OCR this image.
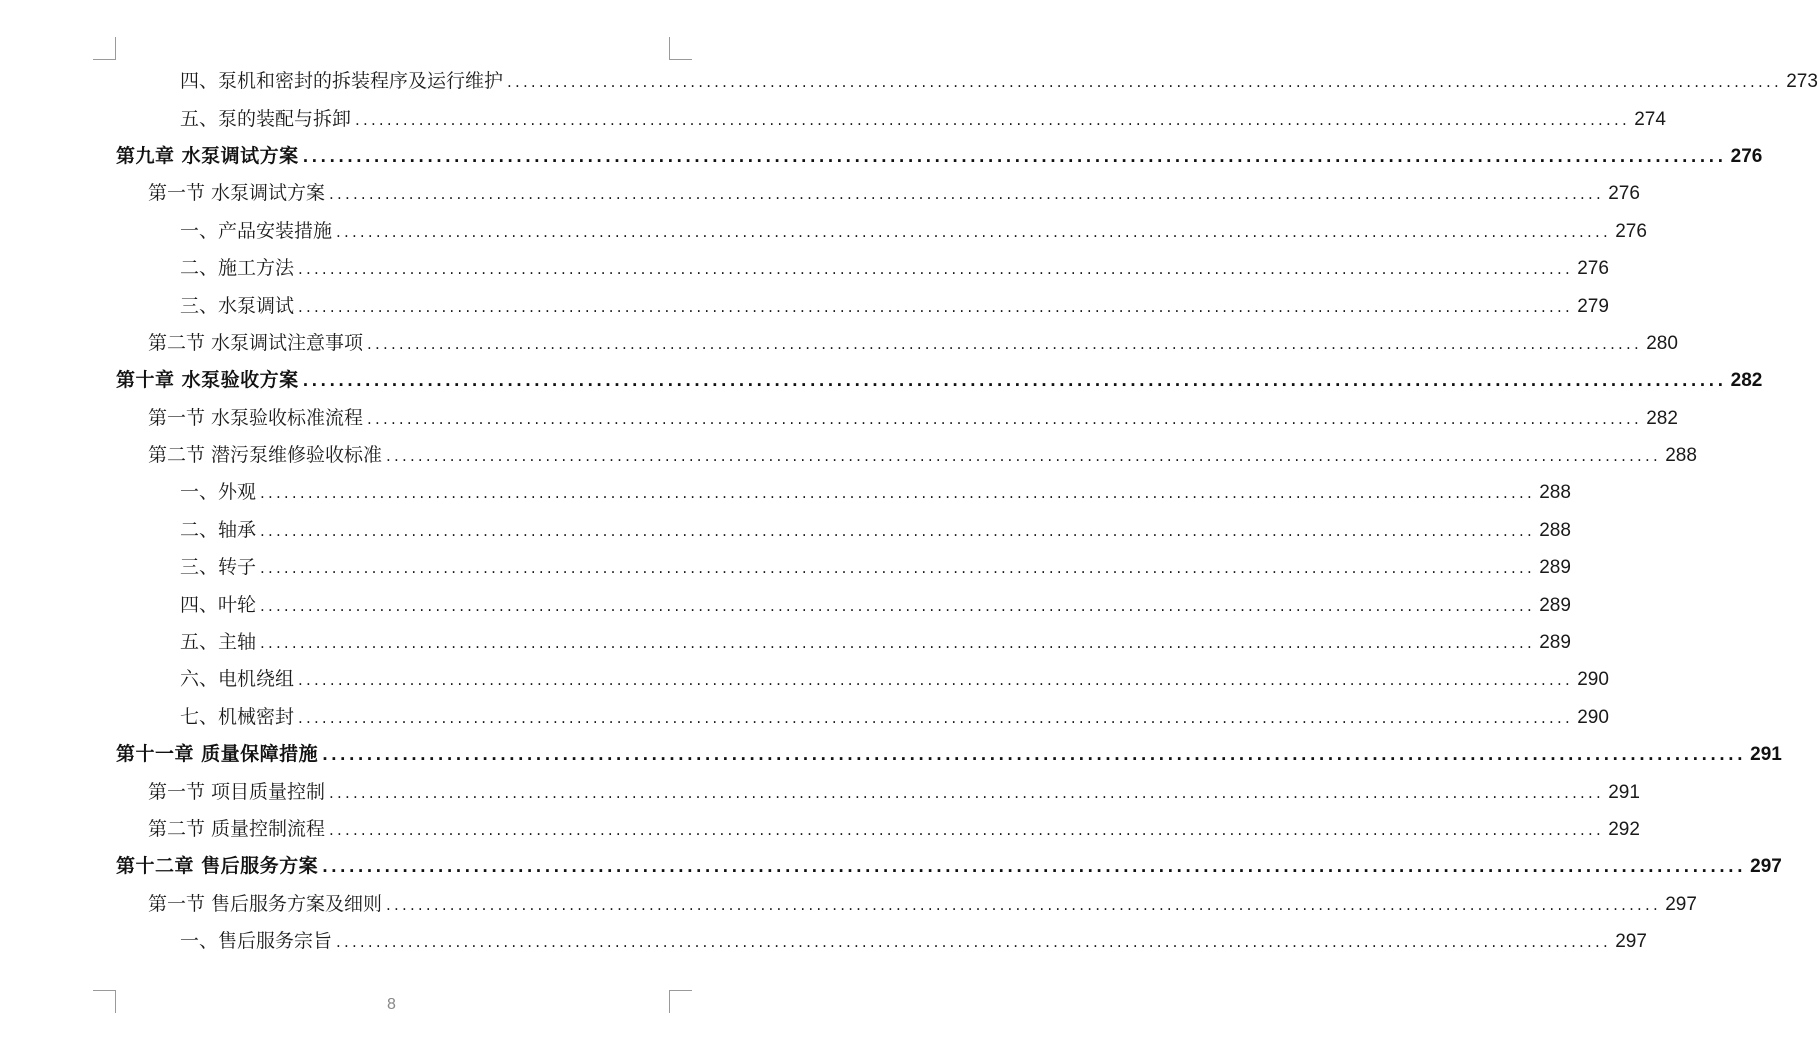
四、泵机和密封的拆装程序及运行维护 ................................................................................................................................................................ 273
五、泵的装配与拆卸 ................................................................................................................................................................ 274
第九章 水泵调试方案 ................................................................................................................................................................ 276
第一节 水泵调试方案 ................................................................................................................................................................ 276
一、产品安装措施 ................................................................................................................................................................ 276
二、施工方法 ................................................................................................................................................................ 276
三、水泵调试 ................................................................................................................................................................ 279
第二节 水泵调试注意事项 ................................................................................................................................................................ 280
第十章 水泵验收方案 ................................................................................................................................................................ 282
第一节 水泵验收标准流程 ................................................................................................................................................................ 282
第二节 潜污泵维修验收标准 ................................................................................................................................................................ 288
一、外观 ................................................................................................................................................................ 288
二、轴承 ................................................................................................................................................................ 288
三、转子 ................................................................................................................................................................ 289
四、叶轮 ................................................................................................................................................................ 289
五、主轴 ................................................................................................................................................................ 289
六、电机绕组 ................................................................................................................................................................ 290
七、机械密封 ................................................................................................................................................................ 290
第十一章 质量保障措施 ................................................................................................................................................................ 291
第一节 项目质量控制 ................................................................................................................................................................ 291
第二节 质量控制流程 ................................................................................................................................................................ 292
第十二章 售后服务方案 ................................................................................................................................................................ 297
第一节 售后服务方案及细则 ................................................................................................................................................................ 297
一、售后服务宗旨 ................................................................................................................................................................ 297
8
